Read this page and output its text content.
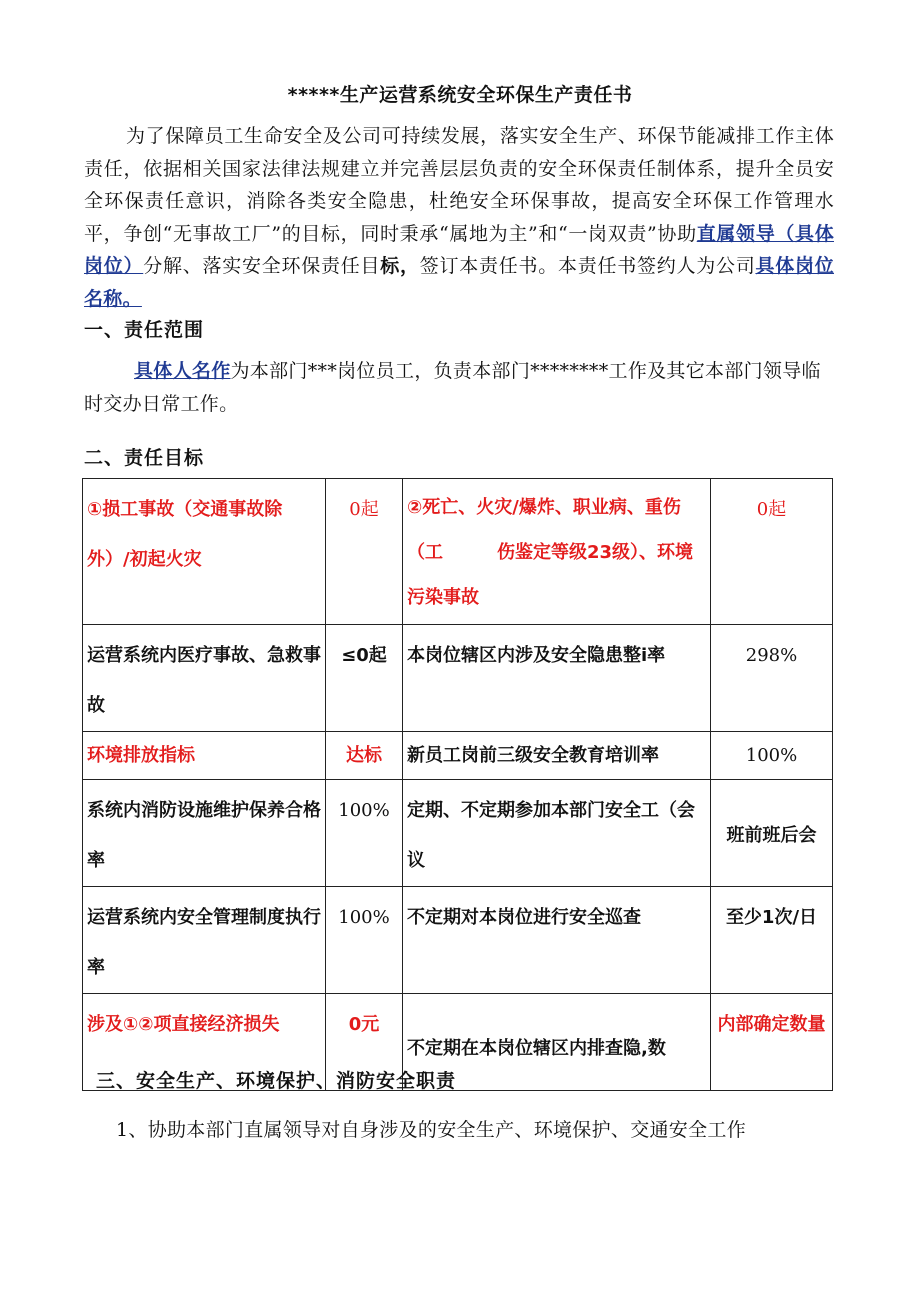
*****生产运营系统安全环保生产责任书
为了保障员工生命安全及公司可持续发展，落实安全生产、环保节能减排工作主体责任，依据相关国家法律法规建立并完善层层负责的安全环保责任制体系，提升全员安全环保责任意识，消除各类安全隐患，杜绝安全环保事故，提高安全环保工作管理水平，争创“无事故工厂”的目标，同时秉承“属地为主”和“一岗双责”协助直属领导（具体岗位）分解、落实安全环保责任目标，签订本责任书。本责任书签约人为公司具体岗位名称。
一、责任范围
具体人名作为本部门***岗位员工，负责本部门********工作及其它本部门领导临时交办日常工作。
二、责任目标
①损工事故（交通事故除外）/初起火灾	0起	②死亡、火灾/爆炸、职业病、重伤（工　　　伤鉴定等级23级）、环境污染事故	0起
运营系统内医疗事故、急救事故	≤0起	本岗位辖区内涉及安全隐患整i率	298%
环境排放指标	达标	新员工岗前三级安全教育培训率	100%
系统内消防设施维护保养合格率	100%	定期、不定期参加本部门安全工（会议	班前班后会
运营系统内安全管理制度执行率	100%	不定期对本岗位进行安全巡查	至少1次/日
涉及①②项直接经济损失	0元	不定期在本岗位辖区内排查隐,数	内部确定数量
三、安全生产、环境保护、消防安全职责
1、协助本部门直属领导对自身涉及的安全生产、环境保护、交通安全工作
